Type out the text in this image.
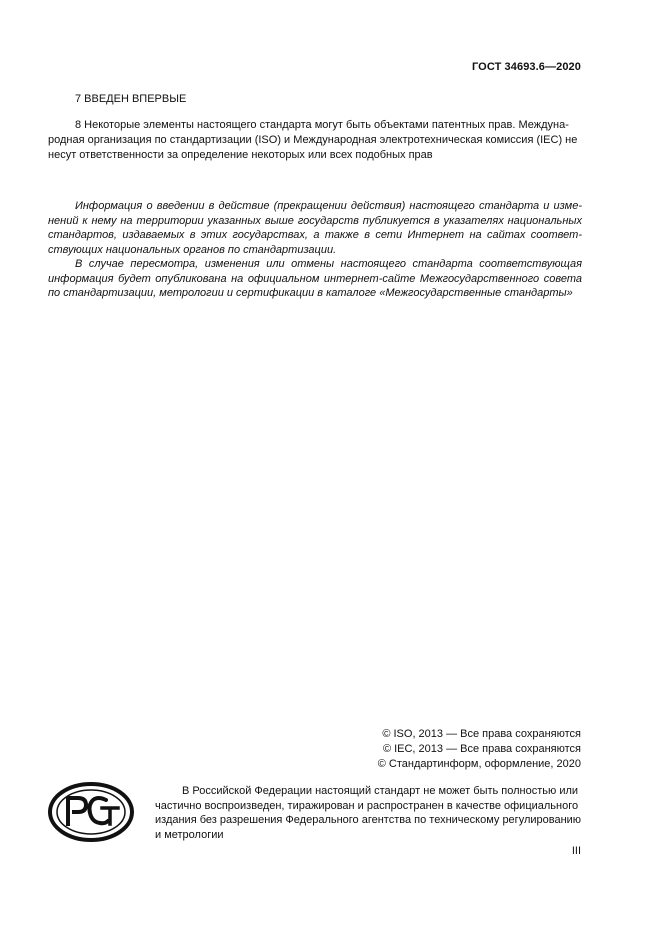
ГОСТ 34693.6—2020
7 ВВЕДЕН ВПЕРВЫЕ
8 Некоторые элементы настоящего стандарта могут быть объектами патентных прав. Междуна-
родная организация по стандартизации (ISO) и Международная электротехническая комиссия (IEC) не
несут ответственности за определение некоторых или всех подобных прав
Информация о введении в действие (прекращении действия) настоящего стандарта и изме-
нений к нему на территории указанных выше государств публикуется в указателях национальных
стандартов, издаваемых в этих государствах, а также в сети Интернет на сайтах соответ-
ствующих национальных органов по стандартизации.
В случае пересмотра, изменения или отмены настоящего стандарта соответствующая
информация будет опубликована на официальном интернет-сайте Межгосударственного совета
по стандартизации, метрологии и сертификации в каталоге «Межгосударственные стандарты»
© ISO, 2013 — Все права сохраняются
© IEC, 2013 — Все права сохраняются
© Стандартинформ, оформление, 2020
В Российской Федерации настоящий стандарт не может быть полностью или
частично воспроизведен, тиражирован и распространен в качестве официального
издания без разрешения Федерального агентства по техническому регулированию
и метрологии
III
